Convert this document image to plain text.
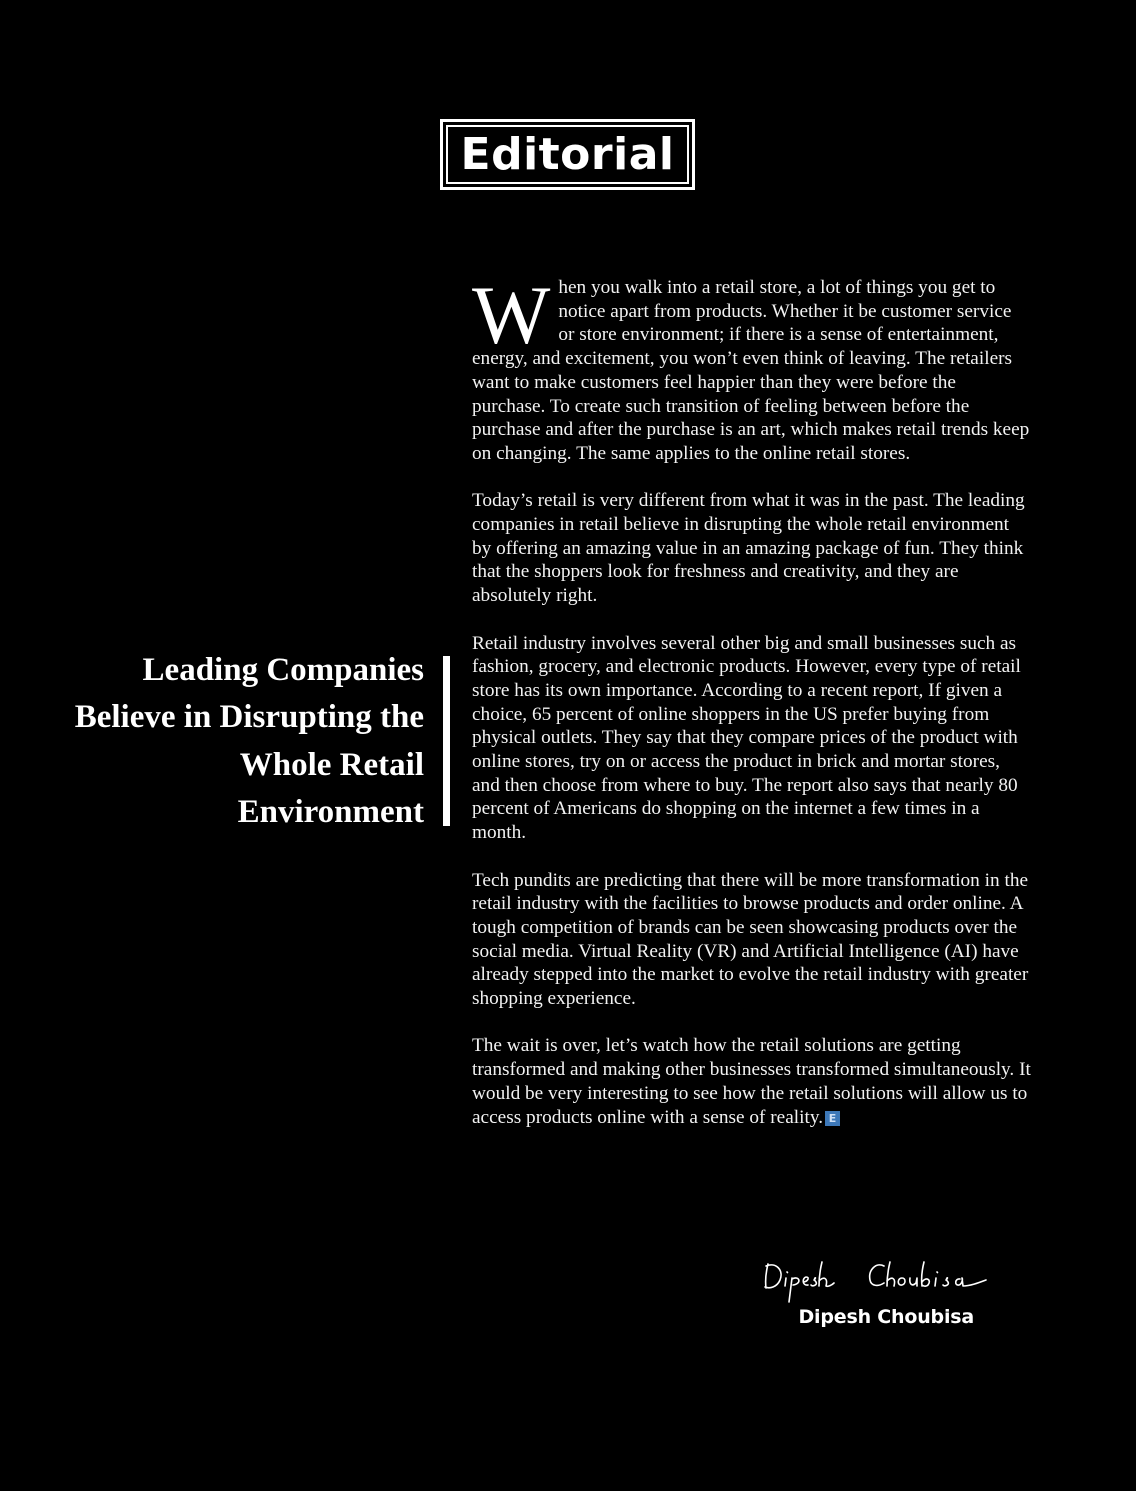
Editorial
Leading Companies Believe in Disrupting the Whole Retail Environment

When you walk into a retail store, a lot of things you get to notice apart from products. Whether it be customer service or store environment; if there is a sense of entertainment, energy, and excitement, you won’t even think of leaving. The retailers want to make customers feel happier than they were before the purchase. To create such transition of feeling between before the purchase and after the purchase is an art, which makes retail trends keep on changing. The same applies to the online retail stores.

Today’s retail is very different from what it was in the past. The leading companies in retail believe in disrupting the whole retail environment by offering an amazing value in an amazing package of fun. They think that the shoppers look for freshness and creativity, and they are absolutely right.

Retail industry involves several other big and small businesses such as fashion, grocery, and electronic products. However, every type of retail store has its own importance. According to a recent report, If given a choice, 65 percent of online shoppers in the US prefer buying from physical outlets. They say that they compare prices of the product with online stores, try on or access the product in brick and mortar stores, and then choose from where to buy. The report also says that nearly 80 percent of Americans do shopping on the internet a few times in a month.

Tech pundits are predicting that there will be more transformation in the retail industry with the facilities to browse products and order online. A tough competition of brands can be seen showcasing products over the social media. Virtual Reality (VR) and Artificial Intelligence (AI) have already stepped into the market to evolve the retail industry with greater shopping experience.

The wait is over, let’s watch how the retail solutions are getting transformed and making other businesses transformed simultaneously. It would be very interesting to see how the retail solutions will allow us to access products online with a sense of reality. E

Dipesh Choubisa
